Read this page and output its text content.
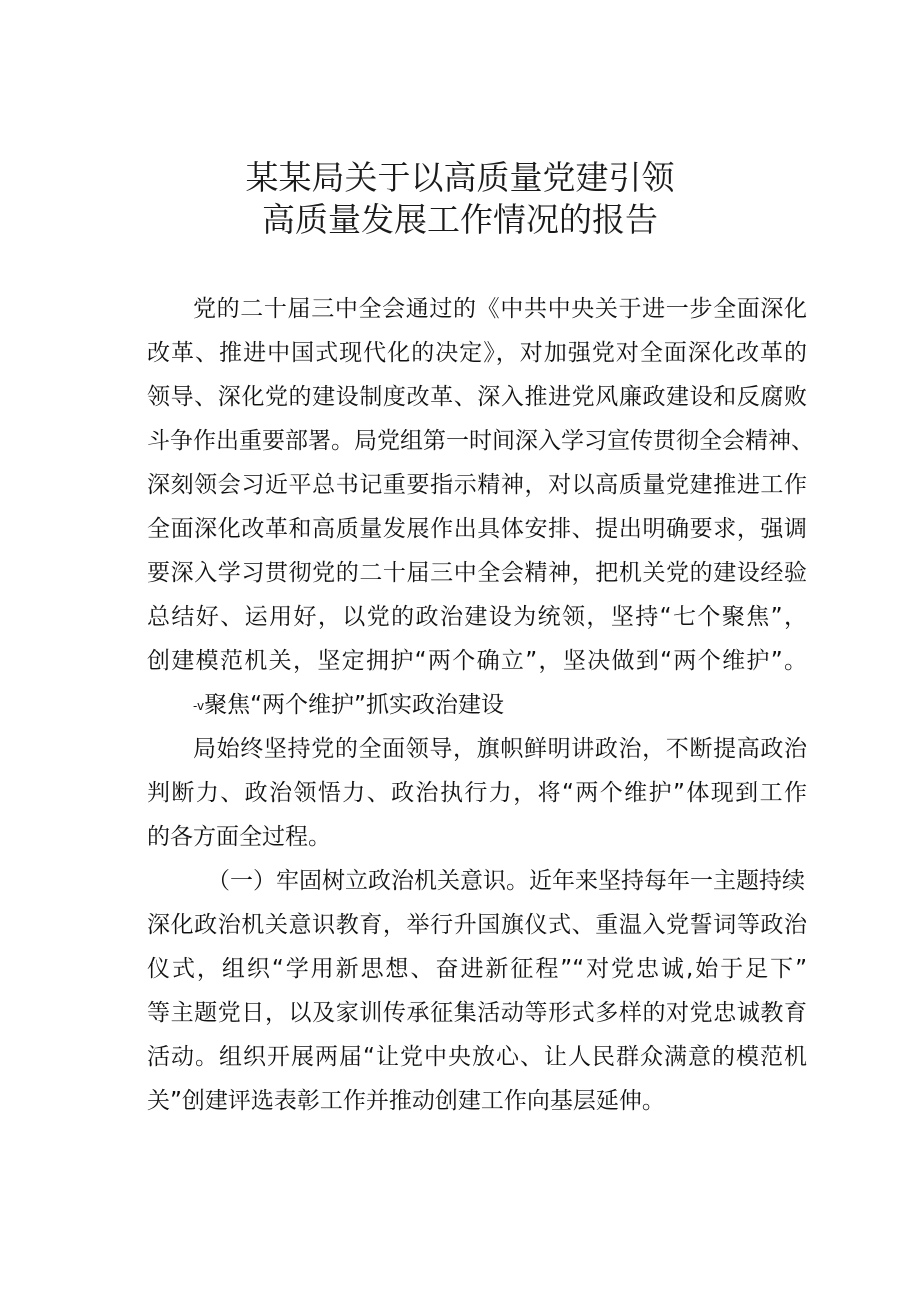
某某局关于以高质量党建引领
高质量发展工作情况的报告
党的二十届三中全会通过的《中共中央关于进一步全面深化
改革、推进中国式现代化的决定》，对加强党对全面深化改革的
领导、深化党的建设制度改革、深入推进党风廉政建设和反腐败
斗争作出重要部署。局党组第一时间深入学习宣传贯彻全会精神、
深刻领会习近平总书记重要指示精神，对以高质量党建推进工作
全面深化改革和高质量发展作出具体安排、提出明确要求，强调
要深入学习贯彻党的二十届三中全会精神，把机关党的建设经验
总结好、运用好，以党的政治建设为统领，坚持“七个聚焦”，
创建模范机关，坚定拥护“两个确立”，坚决做到“两个维护”。
-v聚焦“两个维护”抓实政治建设
局始终坚持党的全面领导，旗帜鲜明讲政治，不断提高政治
判断力、政治领悟力、政治执行力，将“两个维护”体现到工作
的各方面全过程。
（一）牢固树立政治机关意识。近年来坚持每年一主题持续
深化政治机关意识教育，举行升国旗仪式、重温入党誓词等政治
仪式，组织“学用新思想、奋进新征程”“对党忠诚,始于足下”
等主题党日，以及家训传承征集活动等形式多样的对党忠诚教育
活动。组织开展两届“让党中央放心、让人民群众满意的模范机
关”创建评选表彰工作并推动创建工作向基层延伸。
